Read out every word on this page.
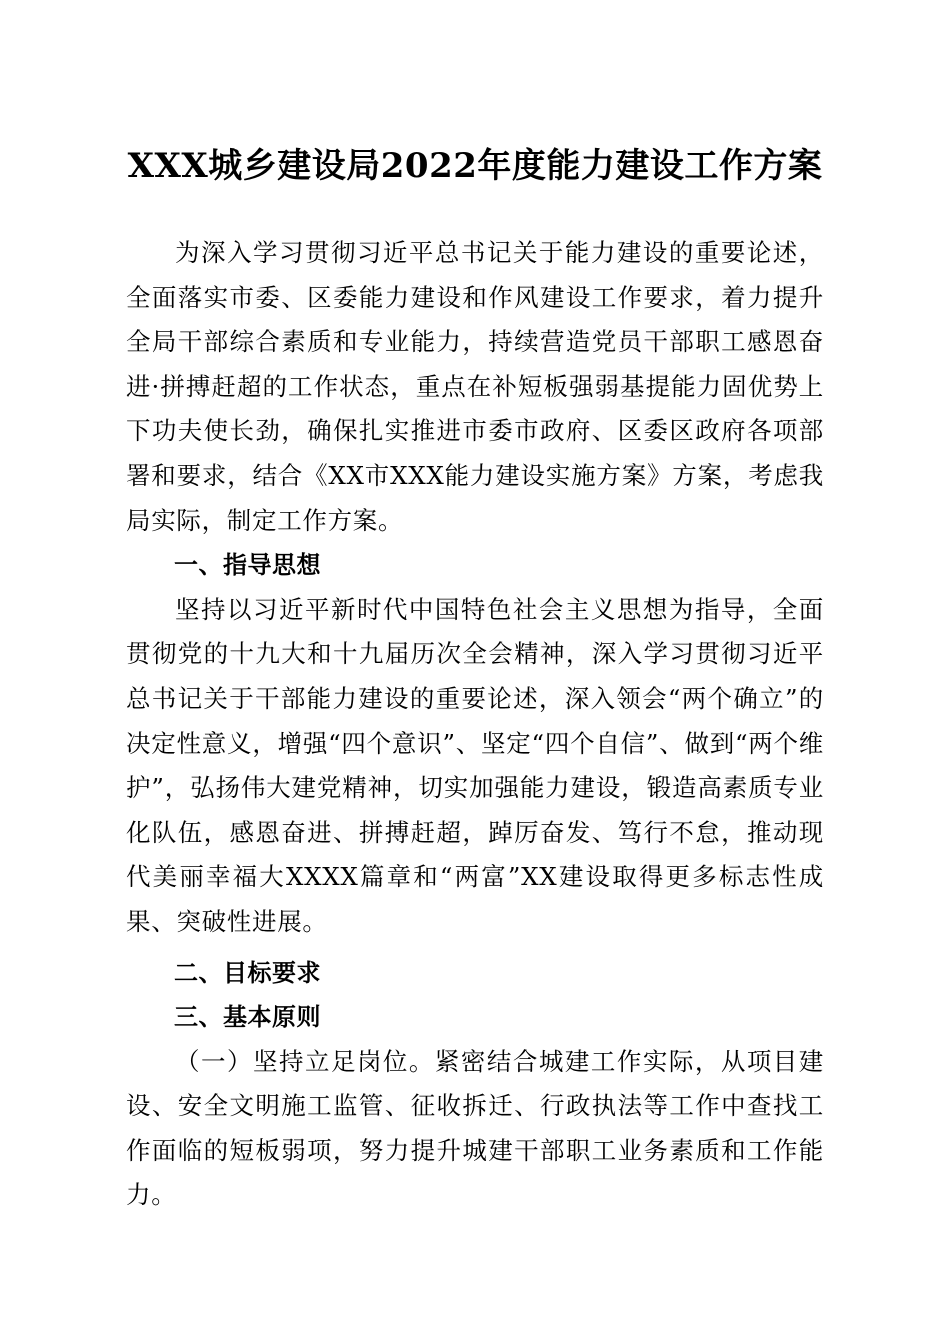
XXX城乡建设局2022年度能力建设工作方案

为深入学习贯彻习近平总书记关于能力建设的重要论述，全面落实市委、区委能力建设和作风建设工作要求，着力提升全局干部综合素质和专业能力，持续营造党员干部职工感恩奋进·拼搏赶超的工作状态，重点在补短板强弱基提能力固优势上下功夫使长劲，确保扎实推进市委市政府、区委区政府各项部署和要求，结合《XX市XXX能力建设实施方案》方案，考虑我局实际，制定工作方案。

一、指导思想

坚持以习近平新时代中国特色社会主义思想为指导，全面贯彻党的十九大和十九届历次全会精神，深入学习贯彻习近平总书记关于干部能力建设的重要论述，深入领会“两个确立”的决定性意义，增强“四个意识”、坚定“四个自信”、做到“两个维护”，弘扬伟大建党精神，切实加强能力建设，锻造高素质专业化队伍，感恩奋进、拼搏赶超，踔厉奋发、笃行不怠，推动现代美丽幸福大XXXX篇章和“两富”XX建设取得更多标志性成果、突破性进展。

二、目标要求
三、基本原则

（一）坚持立足岗位。紧密结合城建工作实际，从项目建设、安全文明施工监管、征收拆迁、行政执法等工作中查找工作面临的短板弱项，努力提升城建干部职工业务素质和工作能力。
